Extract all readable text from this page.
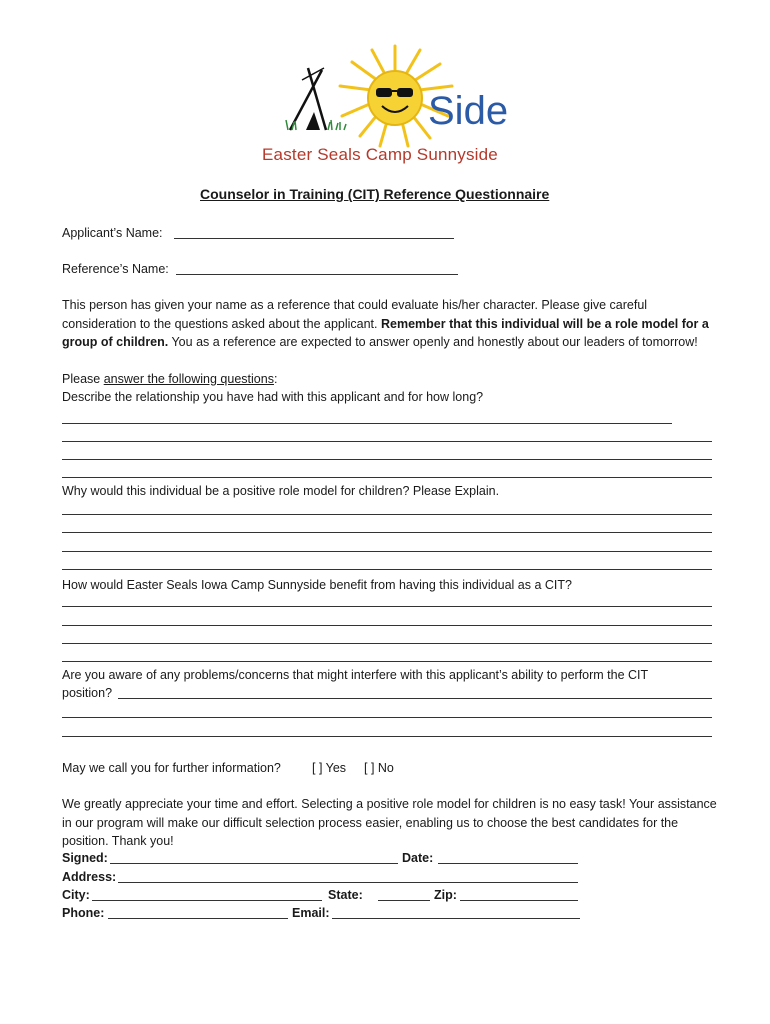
Side
Easter Seals Camp Sunnyside
Counselor in Training (CIT) Reference Questionnaire
Applicant’s Name:
Reference’s Name:
This person has given your name as a reference that could evaluate his/her character. Please give careful consideration to the questions asked about the applicant. Remember that this individual will be a role model for a group of children. You as a reference are expected to answer openly and honestly about our leaders of tomorrow!
Please answer the following questions:
Describe the relationship you have had with this applicant and for how long?
Why would this individual be a positive role model for children? Please Explain.
How would Easter Seals Iowa Camp Sunnyside benefit from having this individual as a CIT?
Are you aware of any problems/concerns that might interfere with this applicant’s ability to perform the CIT
position?
May we call you for further information? [ ] Yes [ ] No
We greatly appreciate your time and effort. Selecting a positive role model for children is no easy task! Your assistance in our program will make our difficult selection process easier, enabling us to choose the best candidates for the position. Thank you!
Signed:	Date:
Address:
City:	State:	Zip:
Phone:	Email:
